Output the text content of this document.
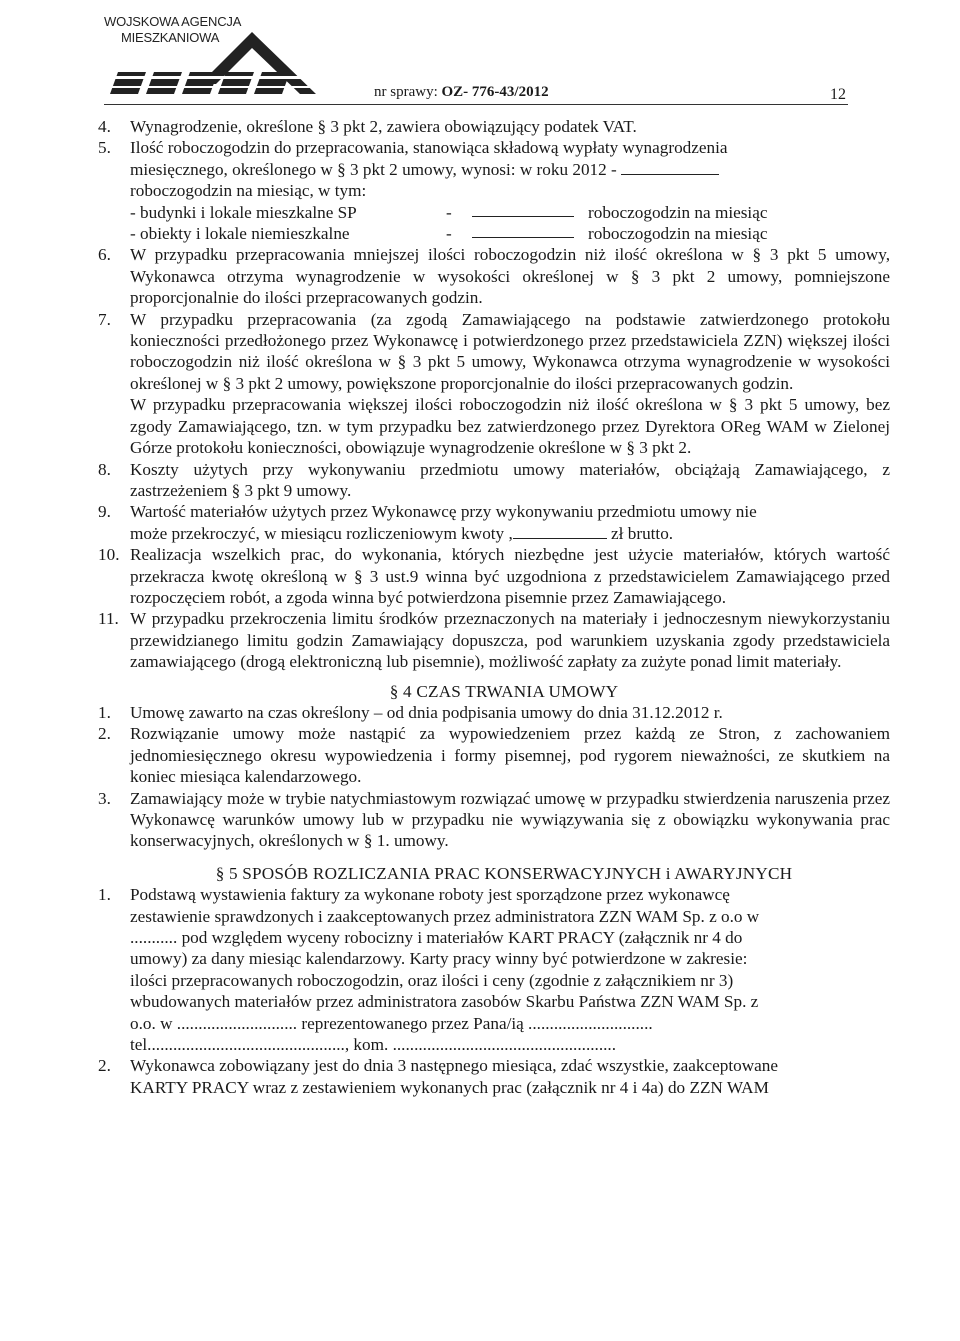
WOJSKOWA AGENCJA
MIESZKANIOWA
nr sprawy: OZ- 776-43/2012	12
4.	Wynagrodzenie, określone § 3 pkt 2, zawiera obowiązujący podatek VAT.
5.	Ilość roboczogodzin do przepracowania, stanowiąca składową wypłaty wynagrodzenia
miesięcznego, określonego w § 3 pkt 2 umowy, wynosi: w roku 2012 -
roboczogodzin na miesiąc, w tym:
- budynki i lokale mieszkalne SP	-	roboczogodzin na miesiąc
- obiekty i lokale niemieszkalne	-	roboczogodzin na miesiąc
6.	W przypadku przepracowania mniejszej ilości roboczogodzin niż ilość określona w § 3 pkt 5 umowy, Wykonawca otrzyma wynagrodzenie w wysokości określonej w § 3 pkt 2 umowy, pomniejszone proporcjonalnie do ilości przepracowanych godzin.
7.	W przypadku przepracowania (za zgodą Zamawiającego na podstawie zatwierdzonego protokołu konieczności przedłożonego przez Wykonawcę i potwierdzonego przez przedstawiciela ZZN) większej ilości roboczogodzin niż ilość określona w § 3 pkt 5 umowy, Wykonawca otrzyma wynagrodzenie w wysokości określonej w § 3 pkt 2 umowy, powiększone proporcjonalnie do ilości przepracowanych godzin.
W przypadku przepracowania większej ilości roboczogodzin niż ilość określona w § 3 pkt 5 umowy, bez zgody Zamawiającego, tzn. w tym przypadku bez zatwierdzonego przez Dyrektora OReg WAM w Zielonej Górze protokołu konieczności, obowiązuje wynagrodzenie określone w § 3 pkt 2.
8.	Koszty użytych przy wykonywaniu przedmiotu umowy materiałów, obciążają Zamawiającego, z zastrzeżeniem § 3 pkt 9 umowy.
9.	Wartość materiałów użytych przez Wykonawcę przy wykonywaniu przedmiotu umowy nie
może przekroczyć, w miesiącu rozliczeniowym kwoty ,	zł brutto.
10. Realizacja wszelkich prac, do wykonania, których niezbędne jest użycie materiałów, których wartość przekracza kwotę określoną w § 3 ust.9 winna być uzgodniona z przedstawicielem Zamawiającego przed rozpoczęciem robót, a zgoda winna być potwierdzona pisemnie przez Zamawiającego.
11. W przypadku przekroczenia limitu środków przeznaczonych na materiały i jednoczesnym niewykorzystaniu przewidzianego limitu godzin Zamawiający dopuszcza, pod warunkiem uzyskania zgody przedstawiciela zamawiającego (drogą elektroniczną lub pisemnie), możliwość zapłaty za zużyte ponad limit materiały.
§ 4 CZAS TRWANIA UMOWY
1.	Umowę zawarto na czas określony – od dnia podpisania umowy do dnia 31.12.2012 r.
2.	Rozwiązanie umowy może nastąpić za wypowiedzeniem przez każdą ze Stron, z zachowaniem jednomiesięcznego okresu wypowiedzenia i formy pisemnej, pod rygorem nieważności, ze skutkiem na koniec miesiąca kalendarzowego.
3.	Zamawiający może w trybie natychmiastowym rozwiązać umowę w przypadku stwierdzenia naruszenia przez Wykonawcę warunków umowy lub w przypadku nie wywiązywania się z obowiązku wykonywania prac konserwacyjnych, określonych w § 1. umowy.
§ 5 SPOSÓB ROZLICZANIA PRAC KONSERWACYJNYCH i AWARYJNYCH
1.	Podstawą wystawienia faktury za wykonane roboty jest sporządzone przez wykonawcę
zestawienie sprawdzonych i zaakceptowanych przez administratora ZZN WAM Sp. z o.o w
........... pod względem wyceny robocizny i materiałów KART PRACY (załącznik nr 4 do
umowy) za dany miesiąc kalendarzowy. Karty pracy winny być potwierdzone w zakresie:
ilości przepracowanych roboczogodzin, oraz ilości i ceny (zgodnie z załącznikiem nr 3)
wbudowanych materiałów przez administratora zasobów Skarbu Państwa ZZN WAM Sp. z
o.o. w ............................ reprezentowanego przez Pana/ią .............................
tel.............................................., kom. ....................................................
2.	Wykonawca zobowiązany jest do dnia 3 następnego miesiąca, zdać wszystkie, zaakceptowane
KARTY PRACY wraz z zestawieniem wykonanych prac (załącznik nr 4 i 4a) do ZZN WAM
